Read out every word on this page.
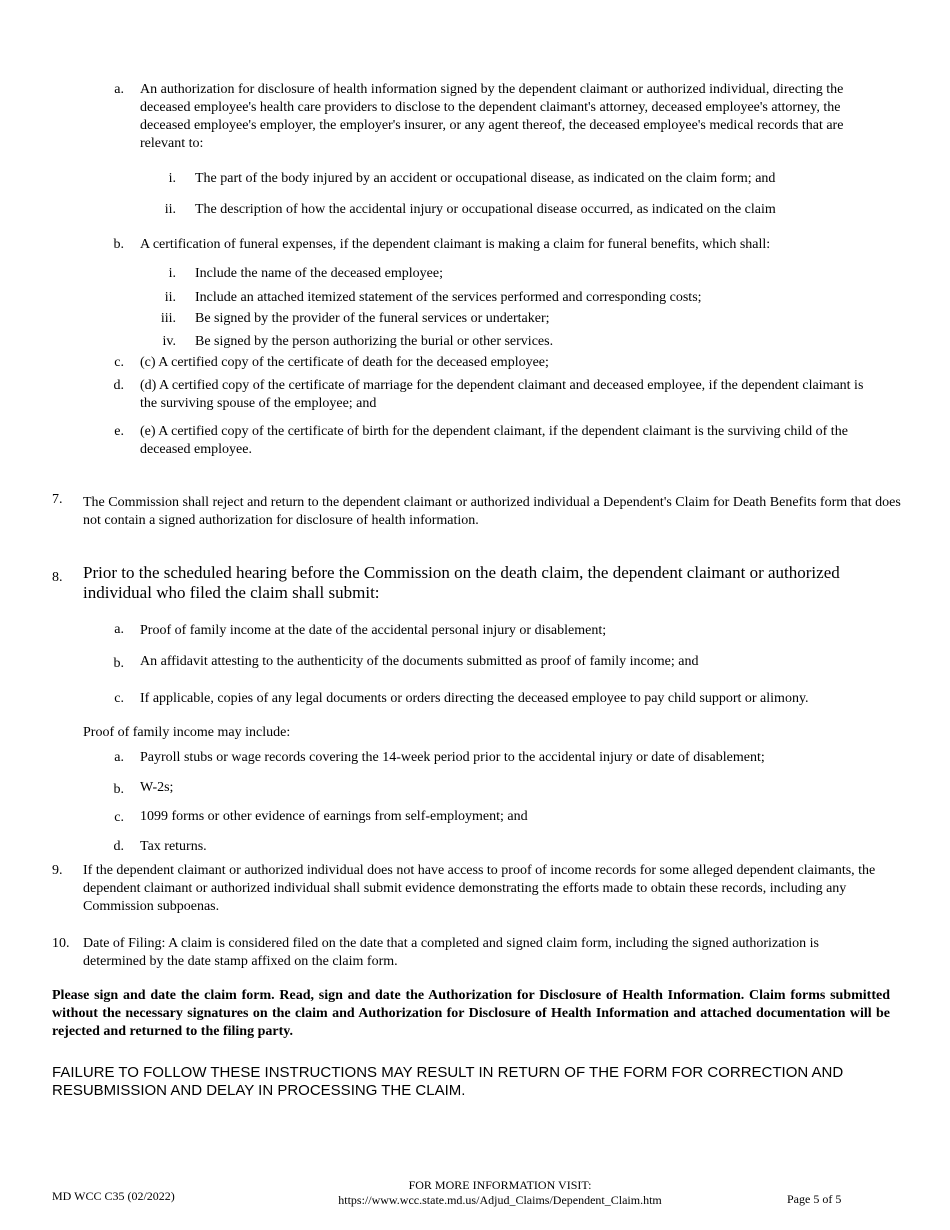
a. An authorization for disclosure of health information signed by the dependent claimant or authorized individual, directing the deceased employee's health care providers to disclose to the dependent claimant's attorney, deceased employee's attorney, the deceased employee's employer, the employer's insurer, or any agent thereof, the deceased employee's medical records that are relevant to:
i. The part of the body injured by an accident or occupational disease, as indicated on the claim form; and
ii. The description of how the accidental injury or occupational disease occurred, as indicated on the claim
b. A certification of funeral expenses, if the dependent claimant is making a claim for funeral benefits, which shall:
i. Include the name of the deceased employee;
ii. Include an attached itemized statement of the services performed and corresponding costs;
iii. Be signed by the provider of the funeral services or undertaker;
iv. Be signed by the person authorizing the burial or other services.
c. (c) A certified copy of the certificate of death for the deceased employee;
d. (d) A certified copy of the certificate of marriage for the dependent claimant and deceased employee, if the dependent claimant is the surviving spouse of the employee; and
e. (e) A certified copy of the certificate of birth for the dependent claimant, if the dependent claimant is the surviving child of the deceased employee.
7. The Commission shall reject and return to the dependent claimant or authorized individual a Dependent's Claim for Death Benefits form that does not contain a signed authorization for disclosure of health information.
8. Prior to the scheduled hearing before the Commission on the death claim, the dependent claimant or authorized individual who filed the claim shall submit:
a. Proof of family income at the date of the accidental personal injury or disablement;
b. An affidavit attesting to the authenticity of the documents submitted as proof of family income; and
c. If applicable, copies of any legal documents or orders directing the deceased employee to pay child support or alimony.
Proof of family income may include:
a. Payroll stubs or wage records covering the 14-week period prior to the accidental injury or date of disablement;
b. W-2s;
c. 1099 forms or other evidence of earnings from self-employment; and
d. Tax returns.
9. If the dependent claimant or authorized individual does not have access to proof of income records for some alleged dependent claimants, the dependent claimant or authorized individual shall submit evidence demonstrating the efforts made to obtain these records, including any Commission subpoenas.
10. Date of Filing: A claim is considered filed on the date that a completed and signed claim form, including the signed authorization is determined by the date stamp affixed on the claim form.
Please sign and date the claim form. Read, sign and date the Authorization for Disclosure of Health Information. Claim forms submitted without the necessary signatures on the claim and Authorization for Disclosure of Health Information and attached documentation will be rejected and returned to the filing party.
FAILURE TO FOLLOW THESE INSTRUCTIONS MAY RESULT IN RETURN OF THE FORM FOR CORRECTION AND RESUBMISSION AND DELAY IN PROCESSING THE CLAIM.
MD WCC C35 (02/2022)
FOR MORE INFORMATION VISIT:
https://www.wcc.state.md.us/Adjud_Claims/Dependent_Claim.htm	Page 5 of 5
